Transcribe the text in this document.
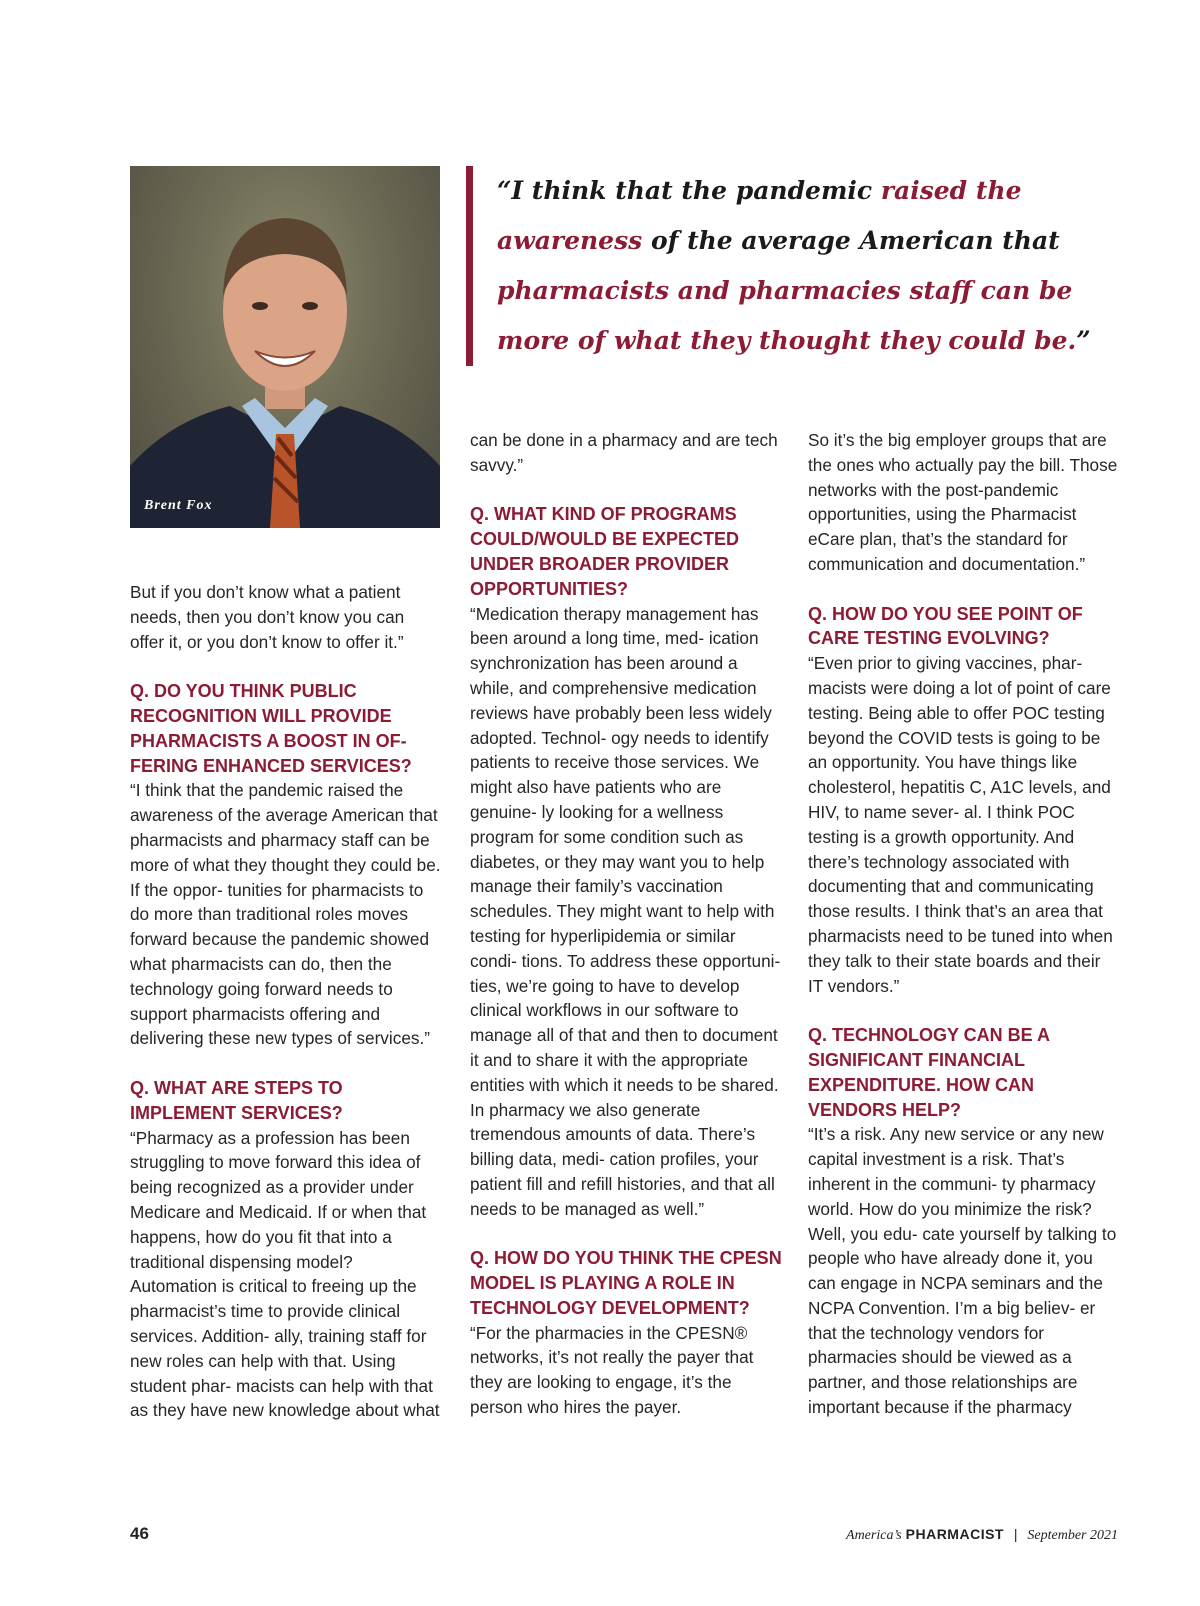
Brent Fox

“I think that the pandemic raised the awareness of the average American that pharmacists and pharmacies staff can be more of what they thought they could be.”

But if you don’t know what a patient needs, then you don’t know you can offer it, or you don’t know to offer it.”

Q. DO YOU THINK PUBLIC RECOGNITION WILL PROVIDE PHARMACISTS A BOOST IN OF- FERING ENHANCED SERVICES?

“I think that the pandemic raised the awareness of the average American that pharmacists and pharmacy staff can be more of what they thought they could be. If the oppor- tunities for pharmacists to do more than traditional roles moves forward because the pandemic showed what pharmacists can do, then the technology going forward needs to support pharmacists offering and delivering these new types of services.”

Q. WHAT ARE STEPS TO IMPLEMENT SERVICES?

“Pharmacy as a profession has been struggling to move forward this idea of being recognized as a provider under Medicare and Medicaid. If or when that happens, how do you fit that into a traditional dispensing model? Automation is critical to freeing up the pharmacist’s time to provide clinical services. Addition- ally, training staff for new roles can help with that. Using student phar- macists can help with that as they have new knowledge about what

can be done in a pharmacy and are tech savvy.”

Q. WHAT KIND OF PROGRAMS COULD/WOULD BE EXPECTED UNDER BROADER PROVIDER OPPORTUNITIES?

“Medication therapy management has been around a long time, med- ication synchronization has been around a while, and comprehensive medication reviews have probably been less widely adopted. Technol- ogy needs to identify patients to receive those services. We might also have patients who are genuine- ly looking for a wellness program for some condition such as diabetes, or they may want you to help manage their family’s vaccination schedules. They might want to help with testing for hyperlipidemia or similar condi- tions. To address these opportuni- ties, we’re going to have to develop clinical workflows in our software to manage all of that and then to document it and to share it with the appropriate entities with which it needs to be shared. In pharmacy we also generate tremendous amounts of data. There’s billing data, medi- cation profiles, your patient fill and refill histories, and that all needs to be managed as well.”

Q. HOW DO YOU THINK THE CPESN MODEL IS PLAYING A ROLE IN TECHNOLOGY DEVELOPMENT?

“For the pharmacies in the CPESN® networks, it’s not really the payer that they are looking to engage, it’s the person who hires the payer.

So it’s the big employer groups that are the ones who actually pay the bill. Those networks with the post-pandemic opportunities, using the Pharmacist eCare plan, that’s the standard for communication and documentation.”

Q. HOW DO YOU SEE POINT OF CARE TESTING EVOLVING?

“Even prior to giving vaccines, phar- macists were doing a lot of point of care testing. Being able to offer POC testing beyond the COVID tests is going to be an opportunity. You have things like cholesterol, hepatitis C, A1C levels, and HIV, to name sever- al. I think POC testing is a growth opportunity. And there’s technology associated with documenting that and communicating those results. I think that’s an area that pharmacists need to be tuned into when they talk to their state boards and their IT vendors.”

Q. TECHNOLOGY CAN BE A SIGNIFICANT FINANCIAL EXPENDITURE. HOW CAN VENDORS HELP?

“It’s a risk. Any new service or any new capital investment is a risk. That’s inherent in the communi- ty pharmacy world. How do you minimize the risk? Well, you edu- cate yourself by talking to people who have already done it, you can engage in NCPA seminars and the NCPA Convention. I’m a big believ- er that the technology vendors for pharmacies should be viewed as a partner, and those relationships are important because if the pharmacy

46	America’s PHARMACIST | September 2021
